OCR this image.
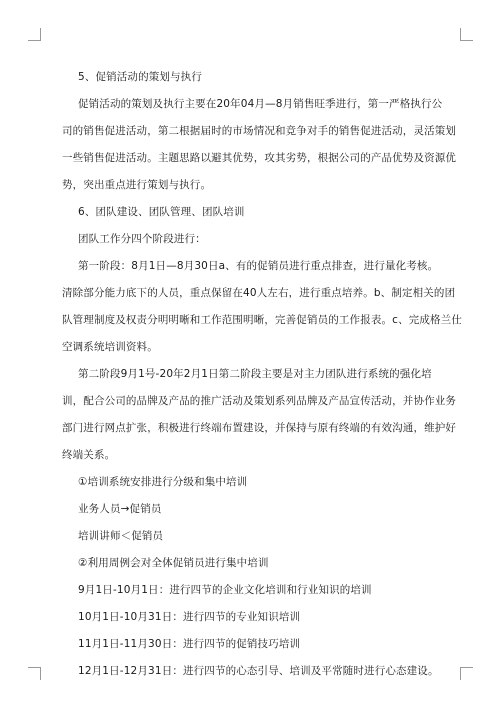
5、促销活动的策划与执行
促销活动的策划及执行主要在20年04月—8月销售旺季进行，第一严格执行公
司的销售促进活动，第二根据届时的市场情况和竞争对手的销售促进活动，灵活策划
一些销售促进活动。主题思路以避其优势，攻其劣势，根据公司的产品优势及资源优
势，突出重点进行策划与执行。
6、团队建设、团队管理、团队培训
团队工作分四个阶段进行：
第一阶段：8月1日—8月30日a、有的促销员进行重点排查，进行量化考核。
清除部分能力底下的人员，重点保留在40人左右，进行重点培养。b、制定相关的团
队管理制度及权责分明明晰和工作范围明晰，完善促销员的工作报表。c、完成格兰仕
空调系统培训资料。
第二阶段9月1号-20年2月1日第二阶段主要是对主力团队进行系统的强化培
训，配合公司的品牌及产品的推广活动及策划系列品牌及产品宣传活动，并协作业务
部门进行网点扩张，积极进行终端布置建设，并保持与原有终端的有效沟通，维护好
终端关系。
①培训系统安排进行分级和集中培训
业务人员→促销员
培训讲师＜促销员
②利用周例会对全体促销员进行集中培训
9月1日-10月1日：进行四节的企业文化培训和行业知识的培训
10月1日-10月31日：进行四节的专业知识培训
11月1日-11月30日：进行四节的促销技巧培训
12月1日-12月31日：进行四节的心态引导、培训及平常随时进行心态建设。
